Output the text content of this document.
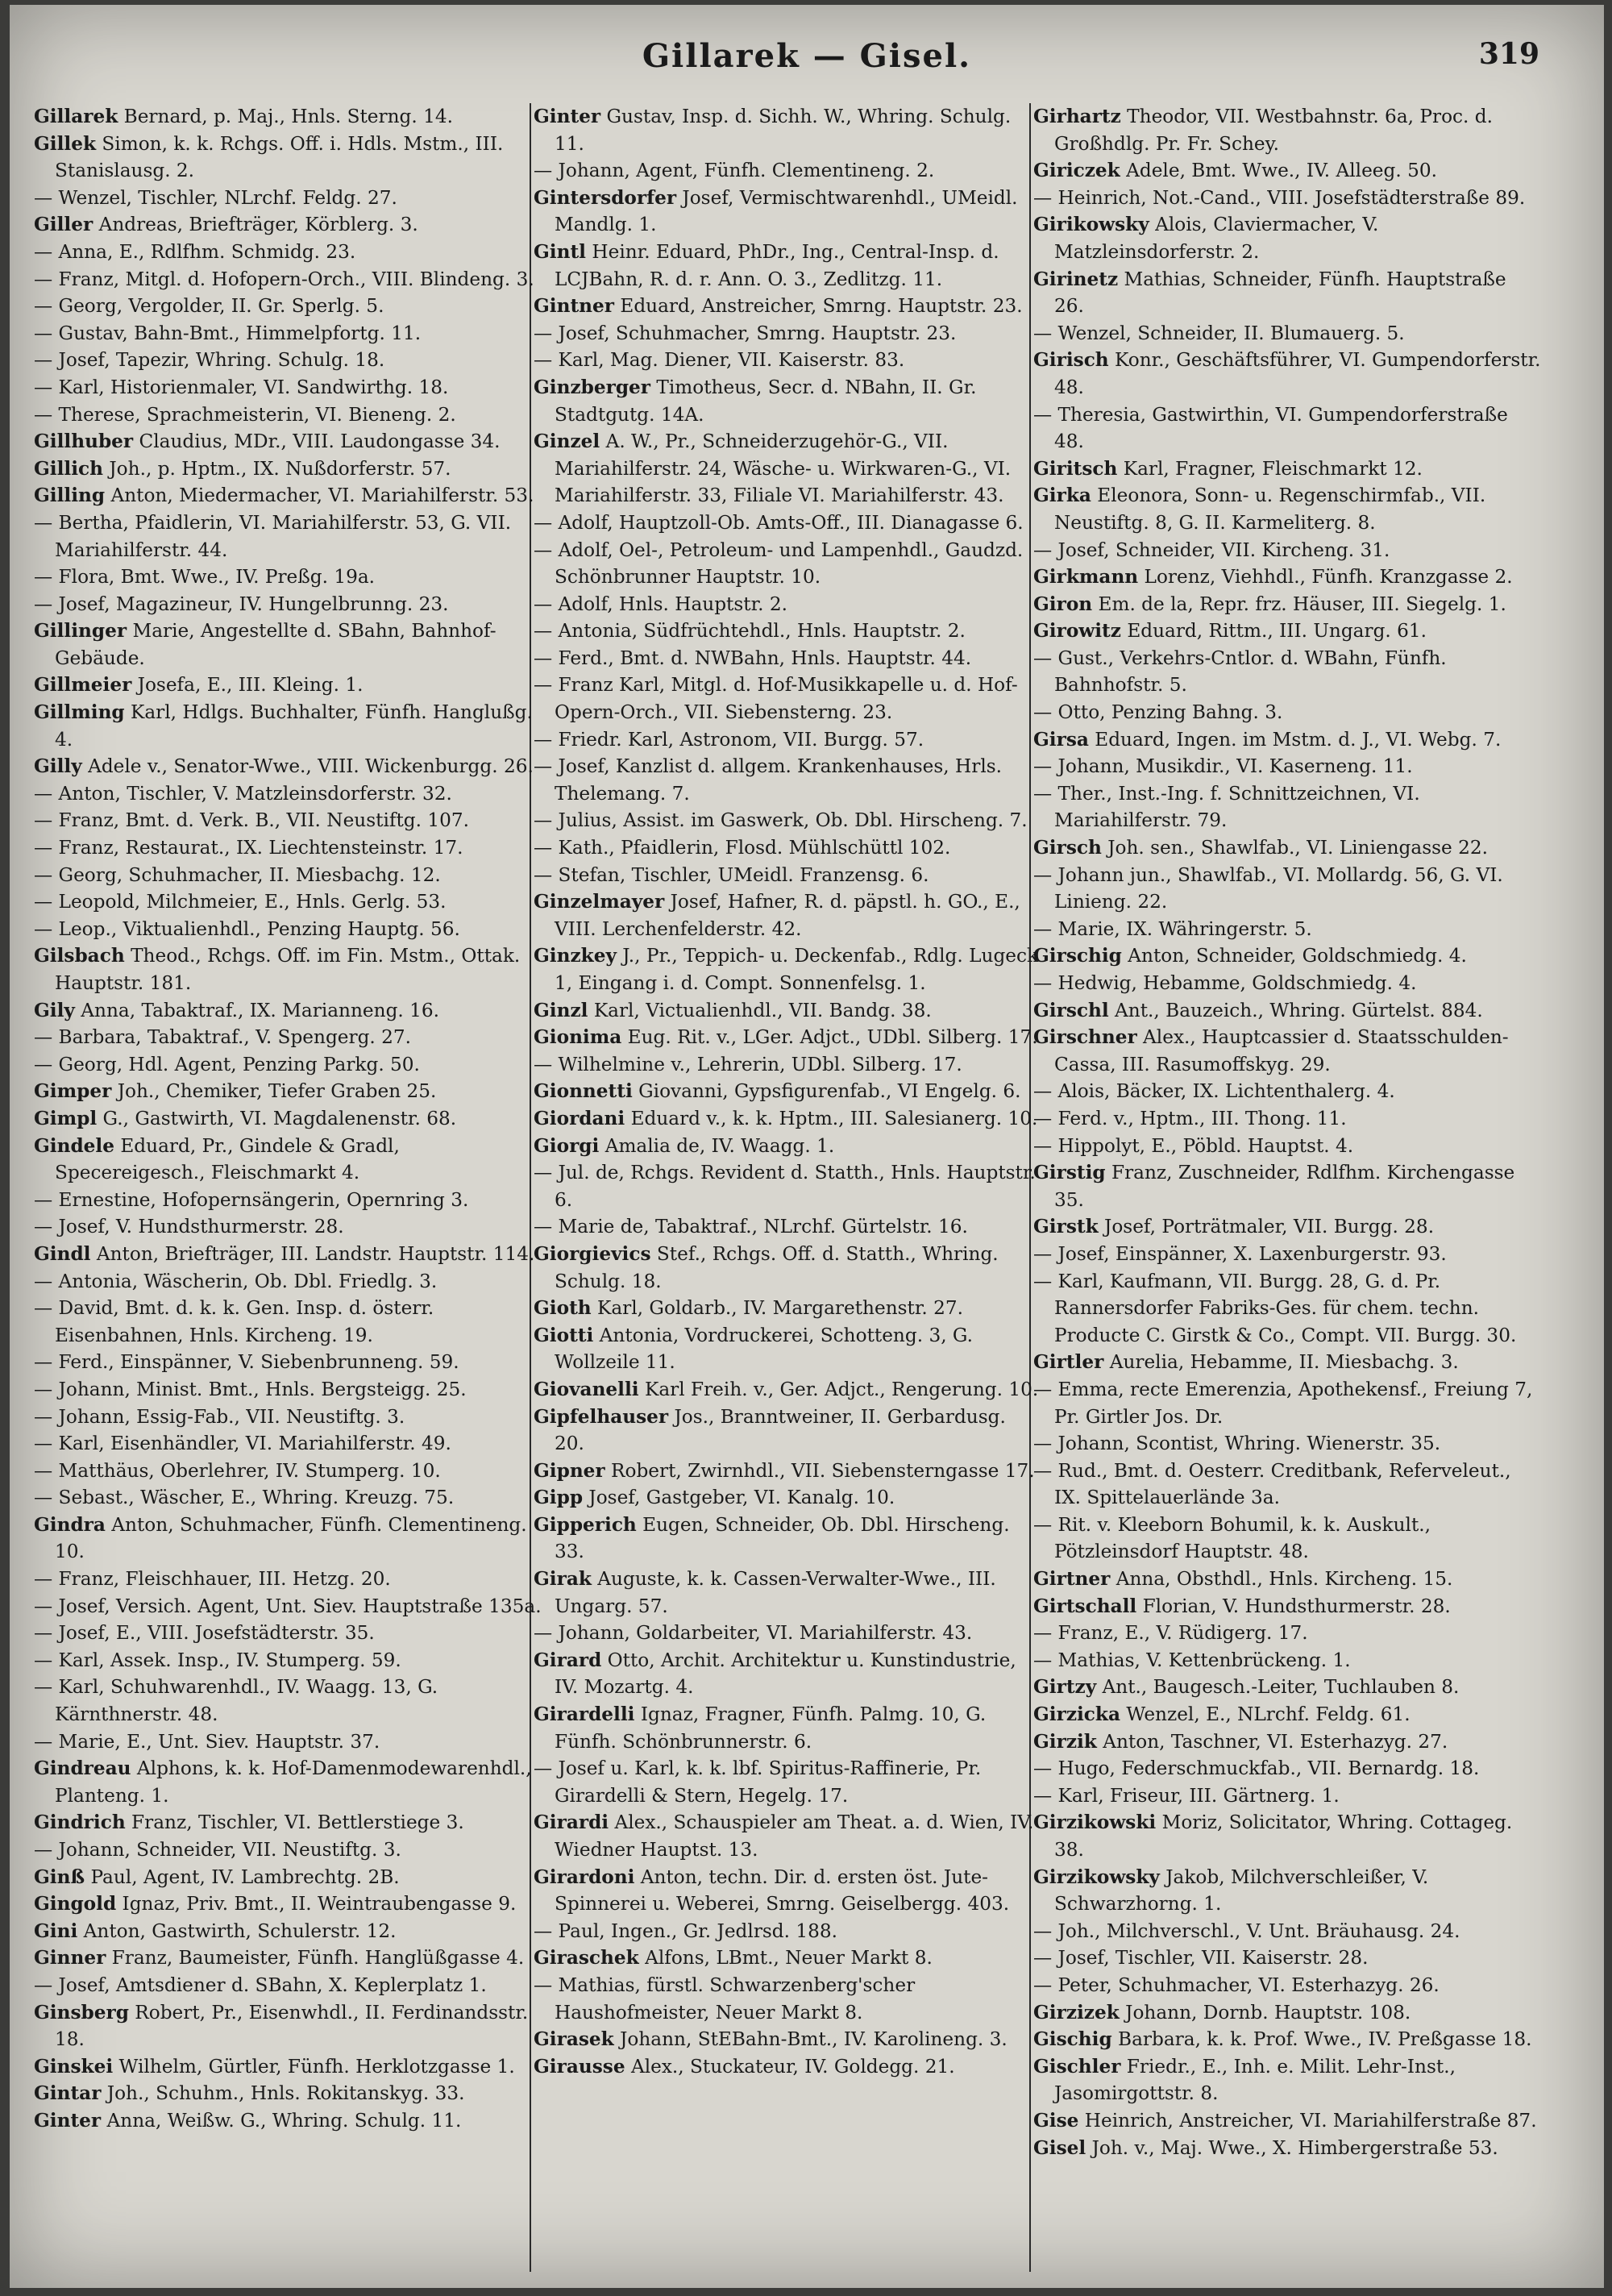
Gillarek — Gisel.	319
Gillarek Bernard, p. Maj., Hnls. Sterng. 14.
Gillek Simon, k. k. Rchgs. Off. i. Hdls. Mstm., III. Stanislausg. 2.
— Wenzel, Tischler, NLrchf. Feldg. 27.
Giller Andreas, Briefträger, Körblerg. 3.
— Anna, E., Rdlfhm. Schmidg. 23.
— Franz, Mitgl. d. Hofopern-Orch., VIII. Blindeng. 3.
— Georg, Vergolder, II. Gr. Sperlg. 5.
— Gustav, Bahn-Bmt., Himmelpfortg. 11.
— Josef, Tapezir, Whring. Schulg. 18.
— Karl, Historienmaler, VI. Sandwirthg. 18.
— Therese, Sprachmeisterin, VI. Bieneng. 2.
Gillhuber Claudius, MDr., VIII. Laudongasse 34.
Gillich Joh., p. Hptm., IX. Nußdorferstr. 57.
Gilling Anton, Miedermacher, VI. Mariahilferstr. 53.
— Bertha, Pfaidlerin, VI. Mariahilferstr. 53, G. VII. Mariahilferstr. 44.
— Flora, Bmt. Wwe., IV. Preßg. 19a.
— Josef, Magazineur, IV. Hungelbrunng. 23.
Gillinger Marie, Angestellte d. SBahn, Bahnhof-Gebäude.
Gillmeier Josefa, E., III. Kleing. 1.
Gillming Karl, Hdlgs. Buchhalter, Fünfh. Hanglußg. 4.
Gilly Adele v., Senator-Wwe., VIII. Wickenburgg. 26.
— Anton, Tischler, V. Matzleinsdorferstr. 32.
— Franz, Bmt. d. Verk. B., VII. Neustiftg. 107.
— Franz, Restaurat., IX. Liechtensteinstr. 17.
— Georg, Schuhmacher, II. Miesbachg. 12.
— Leopold, Milchmeier, E., Hnls. Gerlg. 53.
— Leop., Viktualienhdl., Penzing Hauptg. 56.
Gilsbach Theod., Rchgs. Off. im Fin. Mstm., Ottak. Hauptstr. 181.
Gily Anna, Tabaktraf., IX. Marianneng. 16.
— Barbara, Tabaktraf., V. Spengerg. 27.
— Georg, Hdl. Agent, Penzing Parkg. 50.
Gimper Joh., Chemiker, Tiefer Graben 25.
Gimpl G., Gastwirth, VI. Magdalenenstr. 68.
Gindele Eduard, Pr., Gindele & Gradl, Specereigesch., Fleischmarkt 4.
— Ernestine, Hofopernsängerin, Opernring 3.
— Josef, V. Hundsthurmerstr. 28.
Gindl Anton, Briefträger, III. Landstr. Hauptstr. 114.
— Antonia, Wäscherin, Ob. Dbl. Friedlg. 3.
— David, Bmt. d. k. k. Gen. Insp. d. österr. Eisenbahnen, Hnls. Kircheng. 19.
— Ferd., Einspänner, V. Siebenbrunneng. 59.
— Johann, Minist. Bmt., Hnls. Bergsteigg. 25.
— Johann, Essig-Fab., VII. Neustiftg. 3.
— Karl, Eisenhändler, VI. Mariahilferstr. 49.
— Matthäus, Oberlehrer, IV. Stumperg. 10.
— Sebast., Wäscher, E., Whring. Kreuzg. 75.
Gindra Anton, Schuhmacher, Fünfh. Clementineng. 10.
— Franz, Fleischhauer, III. Hetzg. 20.
— Josef, Versich. Agent, Unt. Siev. Hauptstraße 135a.
— Josef, E., VIII. Josefstädterstr. 35.
— Karl, Assek. Insp., IV. Stumperg. 59.
— Karl, Schuhwarenhdl., IV. Waagg. 13, G. Kärnthnerstr. 48.
— Marie, E., Unt. Siev. Hauptstr. 37.
Gindreau Alphons, k. k. Hof-Damenmodewarenhdl., Planteng. 1.
Gindrich Franz, Tischler, VI. Bettlerstiege 3.
— Johann, Schneider, VII. Neustiftg. 3.
Ginß Paul, Agent, IV. Lambrechtg. 2B.
Gingold Ignaz, Priv. Bmt., II. Weintraubengasse 9.
Gini Anton, Gastwirth, Schulerstr. 12.
Ginner Franz, Baumeister, Fünfh. Hanglüßgasse 4.
— Josef, Amtsdiener d. SBahn, X. Keplerplatz 1.
Ginsberg Robert, Pr., Eisenwhdl., II. Ferdinandsstr. 18.
Ginskei Wilhelm, Gürtler, Fünfh. Herklotzgasse 1.
Gintar Joh., Schuhm., Hnls. Rokitanskyg. 33.
Ginter Anna, Weißw. G., Whring. Schulg. 11.
Ginter Gustav, Insp. d. Sichh. W., Whring. Schulg. 11.
— Johann, Agent, Fünfh. Clementineng. 2.
Gintersdorfer Josef, Vermischtwarenhdl., UMeidl. Mandlg. 1.
Gintl Heinr. Eduard, PhDr., Ing., Central-Insp. d. LCJBahn, R. d. r. Ann. O. 3., Zedlitzg. 11.
Gintner Eduard, Anstreicher, Smrng. Hauptstr. 23.
— Josef, Schuhmacher, Smrng. Hauptstr. 23.
— Karl, Mag. Diener, VII. Kaiserstr. 83.
Ginzberger Timotheus, Secr. d. NBahn, II. Gr. Stadtgutg. 14A.
Ginzel A. W., Pr., Schneiderzugehör-G., VII. Mariahilferstr. 24, Wäsche- u. Wirkwaren-G., VI. Mariahilferstr. 33, Filiale VI. Mariahilferstr. 43.
— Adolf, Hauptzoll-Ob. Amts-Off., III. Dianagasse 6.
— Adolf, Oel-, Petroleum- und Lampenhdl., Gaudzd. Schönbrunner Hauptstr. 10.
— Adolf, Hnls. Hauptstr. 2.
— Antonia, Südfrüchtehdl., Hnls. Hauptstr. 2.
— Ferd., Bmt. d. NWBahn, Hnls. Hauptstr. 44.
— Franz Karl, Mitgl. d. Hof-Musikkapelle u. d. Hof-Opern-Orch., VII. Siebensterng. 23.
— Friedr. Karl, Astronom, VII. Burgg. 57.
— Josef, Kanzlist d. allgem. Krankenhauses, Hrls. Thelemang. 7.
— Julius, Assist. im Gaswerk, Ob. Dbl. Hirscheng. 7.
— Kath., Pfaidlerin, Flosd. Mühlschüttl 102.
— Stefan, Tischler, UMeidl. Franzensg. 6.
Ginzelmayer Josef, Hafner, R. d. päpstl. h. GO., E., VIII. Lerchenfelderstr. 42.
Ginzkey J., Pr., Teppich- u. Deckenfab., Rdlg. Lugeck 1, Eingang i. d. Compt. Sonnenfelsg. 1.
Ginzl Karl, Victualienhdl., VII. Bandg. 38.
Gionima Eug. Rit. v., LGer. Adjct., UDbl. Silberg. 17.
— Wilhelmine v., Lehrerin, UDbl. Silberg. 17.
Gionnetti Giovanni, Gypsfigurenfab., VI Engelg. 6.
Giordani Eduard v., k. k. Hptm., III. Salesianerg. 10.
Giorgi Amalia de, IV. Waagg. 1.
— Jul. de, Rchgs. Revident d. Statth., Hnls. Hauptstr. 6.
— Marie de, Tabaktraf., NLrchf. Gürtelstr. 16.
Giorgievics Stef., Rchgs. Off. d. Statth., Whring. Schulg. 18.
Gioth Karl, Goldarb., IV. Margarethenstr. 27.
Giotti Antonia, Vordruckerei, Schotteng. 3, G. Wollzeile 11.
Giovanelli Karl Freih. v., Ger. Adjct., Rengerung. 10.
Gipfelhauser Jos., Branntweiner, II. Gerbardusg. 20.
Gipner Robert, Zwirnhdl., VII. Siebensterngasse 17.
Gipp Josef, Gastgeber, VI. Kanalg. 10.
Gipperich Eugen, Schneider, Ob. Dbl. Hirscheng. 33.
Girak Auguste, k. k. Cassen-Verwalter-Wwe., III. Ungarg. 57.
— Johann, Goldarbeiter, VI. Mariahilferstr. 43.
Girard Otto, Archit. Architektur u. Kunstindustrie, IV. Mozartg. 4.
Girardelli Ignaz, Fragner, Fünfh. Palmg. 10, G. Fünfh. Schönbrunnerstr. 6.
— Josef u. Karl, k. k. lbf. Spiritus-Raffinerie, Pr. Girardelli & Stern, Hegelg. 17.
Girardi Alex., Schauspieler am Theat. a. d. Wien, IV. Wiedner Hauptst. 13.
Girardoni Anton, techn. Dir. d. ersten öst. Jute-Spinnerei u. Weberei, Smrng. Geiselbergg. 403.
— Paul, Ingen., Gr. Jedlrsd. 188.
Giraschek Alfons, LBmt., Neuer Markt 8.
— Mathias, fürstl. Schwarzenberg'scher Haushofmeister, Neuer Markt 8.
Girasek Johann, StEBahn-Bmt., IV. Karolineng. 3.
Girausse Alex., Stuckateur, IV. Goldegg. 21.
Girhartz Theodor, VII. Westbahnstr. 6a, Proc. d. Großhdlg. Pr. Fr. Schey.
Giriczek Adele, Bmt. Wwe., IV. Alleeg. 50.
— Heinrich, Not.-Cand., VIII. Josefstädterstraße 89.
Girikowsky Alois, Claviermacher, V. Matzleinsdorferstr. 2.
Girinetz Mathias, Schneider, Fünfh. Hauptstraße 26.
— Wenzel, Schneider, II. Blumauerg. 5.
Girisch Konr., Geschäftsführer, VI. Gumpendorferstr. 48.
— Theresia, Gastwirthin, VI. Gumpendorferstraße 48.
Giritsch Karl, Fragner, Fleischmarkt 12.
Girka Eleonora, Sonn- u. Regenschirmfab., VII. Neustiftg. 8, G. II. Karmeliterg. 8.
— Josef, Schneider, VII. Kircheng. 31.
Girkmann Lorenz, Viehhdl., Fünfh. Kranzgasse 2.
Giron Em. de la, Repr. frz. Häuser, III. Siegelg. 1.
Girowitz Eduard, Rittm., III. Ungarg. 61.
— Gust., Verkehrs-Cntlor. d. WBahn, Fünfh. Bahnhofstr. 5.
— Otto, Penzing Bahng. 3.
Girsa Eduard, Ingen. im Mstm. d. J., VI. Webg. 7.
— Johann, Musikdir., VI. Kaserneng. 11.
— Ther., Inst.-Ing. f. Schnittzeichnen, VI. Mariahilferstr. 79.
Girsch Joh. sen., Shawlfab., VI. Liniengasse 22.
— Johann jun., Shawlfab., VI. Mollardg. 56, G. VI. Linieng. 22.
— Marie, IX. Währingerstr. 5.
Girschig Anton, Schneider, Goldschmiedg. 4.
— Hedwig, Hebamme, Goldschmiedg. 4.
Girschl Ant., Bauzeich., Whring. Gürtelst. 884.
Girschner Alex., Hauptcassier d. Staatsschulden-Cassa, III. Rasumoffskyg. 29.
— Alois, Bäcker, IX. Lichtenthalerg. 4.
— Ferd. v., Hptm., III. Thong. 11.
— Hippolyt, E., Pöbld. Hauptst. 4.
Girstig Franz, Zuschneider, Rdlfhm. Kirchengasse 35.
Girstk Josef, Porträtmaler, VII. Burgg. 28.
— Josef, Einspänner, X. Laxenburgerstr. 93.
— Karl, Kaufmann, VII. Burgg. 28, G. d. Pr. Rannersdorfer Fabriks-Ges. für chem. techn. Producte C. Girstk & Co., Compt. VII. Burgg. 30.
Girtler Aurelia, Hebamme, II. Miesbachg. 3.
— Emma, recte Emerenzia, Apothekensf., Freiung 7, Pr. Girtler Jos. Dr.
— Johann, Scontist, Whring. Wienerstr. 35.
— Rud., Bmt. d. Oesterr. Creditbank, Referveleut., IX. Spittelauerlände 3a.
— Rit. v. Kleeborn Bohumil, k. k. Auskult., Pötzleinsdorf Hauptstr. 48.
Girtner Anna, Obsthdl., Hnls. Kircheng. 15.
Girtschall Florian, V. Hundsthurmerstr. 28.
— Franz, E., V. Rüdigerg. 17.
— Mathias, V. Kettenbrückeng. 1.
Girtzy Ant., Baugesch.-Leiter, Tuchlauben 8.
Girzicka Wenzel, E., NLrchf. Feldg. 61.
Girzik Anton, Taschner, VI. Esterhazyg. 27.
— Hugo, Federschmuckfab., VII. Bernardg. 18.
— Karl, Friseur, III. Gärtnerg. 1.
Girzikowski Moriz, Solicitator, Whring. Cottageg. 38.
Girzikowsky Jakob, Milchverschleißer, V. Schwarzhorng. 1.
— Joh., Milchverschl., V. Unt. Bräuhausg. 24.
— Josef, Tischler, VII. Kaiserstr. 28.
— Peter, Schuhmacher, VI. Esterhazyg. 26.
Girzizek Johann, Dornb. Hauptstr. 108.
Gischig Barbara, k. k. Prof. Wwe., IV. Preßgasse 18.
Gischler Friedr., E., Inh. e. Milit. Lehr-Inst., Jasomirgottstr. 8.
Gise Heinrich, Anstreicher, VI. Mariahilferstraße 87.
Gisel Joh. v., Maj. Wwe., X. Himbergerstraße 53.
